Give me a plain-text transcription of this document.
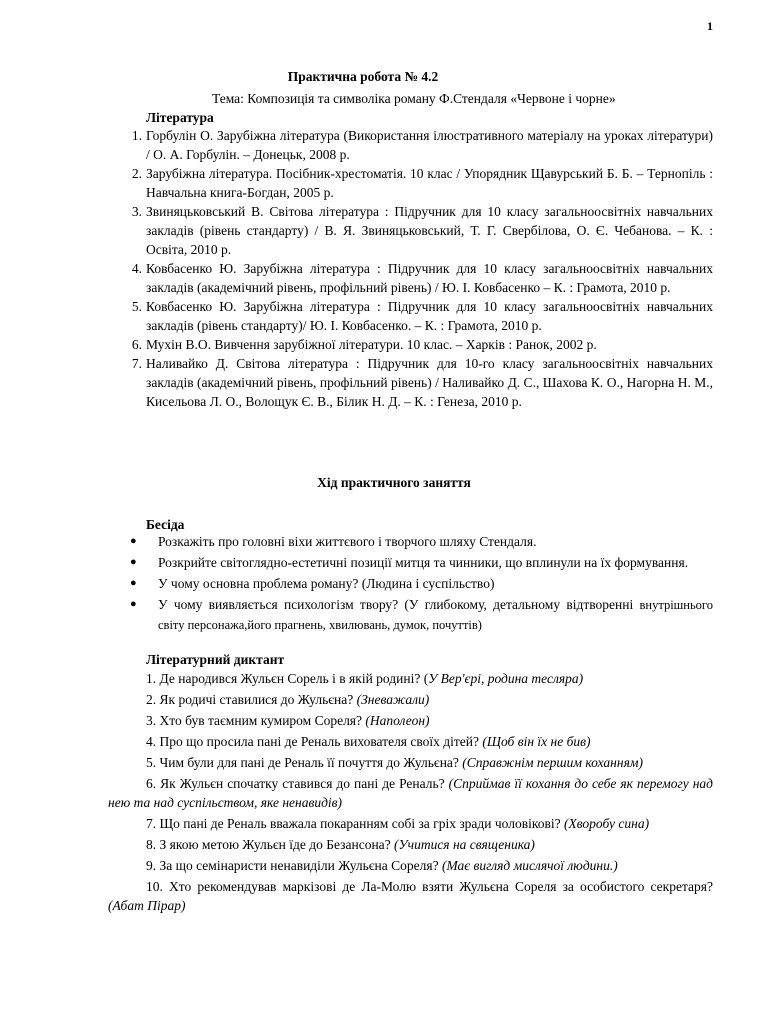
1
Практична робота № 4.2
Тема: Композиція та символіка роману Ф.Стендаля «Червоне і чорне»
Література
1. Горбулін О. Зарубіжна література (Використання ілюстративного матеріалу на уроках літератури) / О. А. Горбулін. – Донецьк, 2008 р.
2. Зарубіжна література. Посібник-хрестоматія. 10 клас / Упорядник Щавурський Б. Б. – Тернопіль : Навчальна книга-Богдан, 2005 р.
3. Звиняцьковський В. Світова література : Підручник для 10 класу загальноосвітніх навчальних закладів (рівень стандарту) / В. Я. Звиняцьковський, Т. Г. Свербілова, О. Є. Чебанова. – К. : Освіта, 2010 р.
4. Ковбасенко Ю. Зарубіжна література : Підручник для 10 класу загальноосвітніх навчальних закладів (академічний рівень, профільний рівень) / Ю. І. Ковбасенко – К. : Грамота, 2010 р.
5. Ковбасенко Ю. Зарубіжна література : Підручник для 10 класу загальноосвітніх навчальних закладів (рівень стандарту)/ Ю. І. Ковбасенко. – К. : Грамота, 2010 р.
6. Мухін В.О. Вивчення зарубіжної літератури. 10 клас. – Харків : Ранок, 2002 р.
7. Наливайко Д. Світова література : Підручник для 10-го класу загальноосвітніх навчальних закладів (академічний рівень, профільний рівень) / Наливайко Д. С., Шахова К. О., Нагорна Н. М., Кисельова Л. О., Волощук Є. В., Білик Н. Д. – К. : Генеза, 2010 р.
Хід практичного заняття
Бесіда
●	Розкажіть про головні віхи життєвого і творчого шляху Стендаля.
●	Розкрийте світоглядно-естетичні позиції митця та чинники, що вплинули на їх формування.
●	У чому основна проблема роману? (Людина і суспільство)
●	У чому виявляється психологізм твору? (У глибокому, детальному відтворенні внутрішнього світу персонажа,його прагнень, хвилювань, думок, почуттів)
Літературний диктант

1. Де народився Жульєн Сорель і в якій родині? (У Вер'єрі, родина тесляра)

2. Як родичі ставилися до Жульєна? (Зневажали)

3. Хто був таємним кумиром Сореля? (Наполеон)

4. Про що просила пані де Реналь вихователя своїх дітей? (Щоб він їх не бив)

5. Чим були для пані де Реналь її почуття до Жульєна? (Справжнім першим коханням)

6. Як Жульєн спочатку ставився до пані де Реналь? (Сприймав її кохання до себе як перемогу над нею та над суспільством, яке ненавидів)

7. Що пані де Реналь вважала покаранням собі за гріх зради чоловікові? (Хворобу сина)

8. З якою метою Жульєн їде до Безансона? (Учитися на священика)

9. За що семінаристи ненавиділи Жульєна Сореля? (Має вигляд мислячої людини.)

10. Хто рекомендував маркізові де Ла-Молю взяти Жульєна Сореля за особистого секретаря? (Абат Пірар)
